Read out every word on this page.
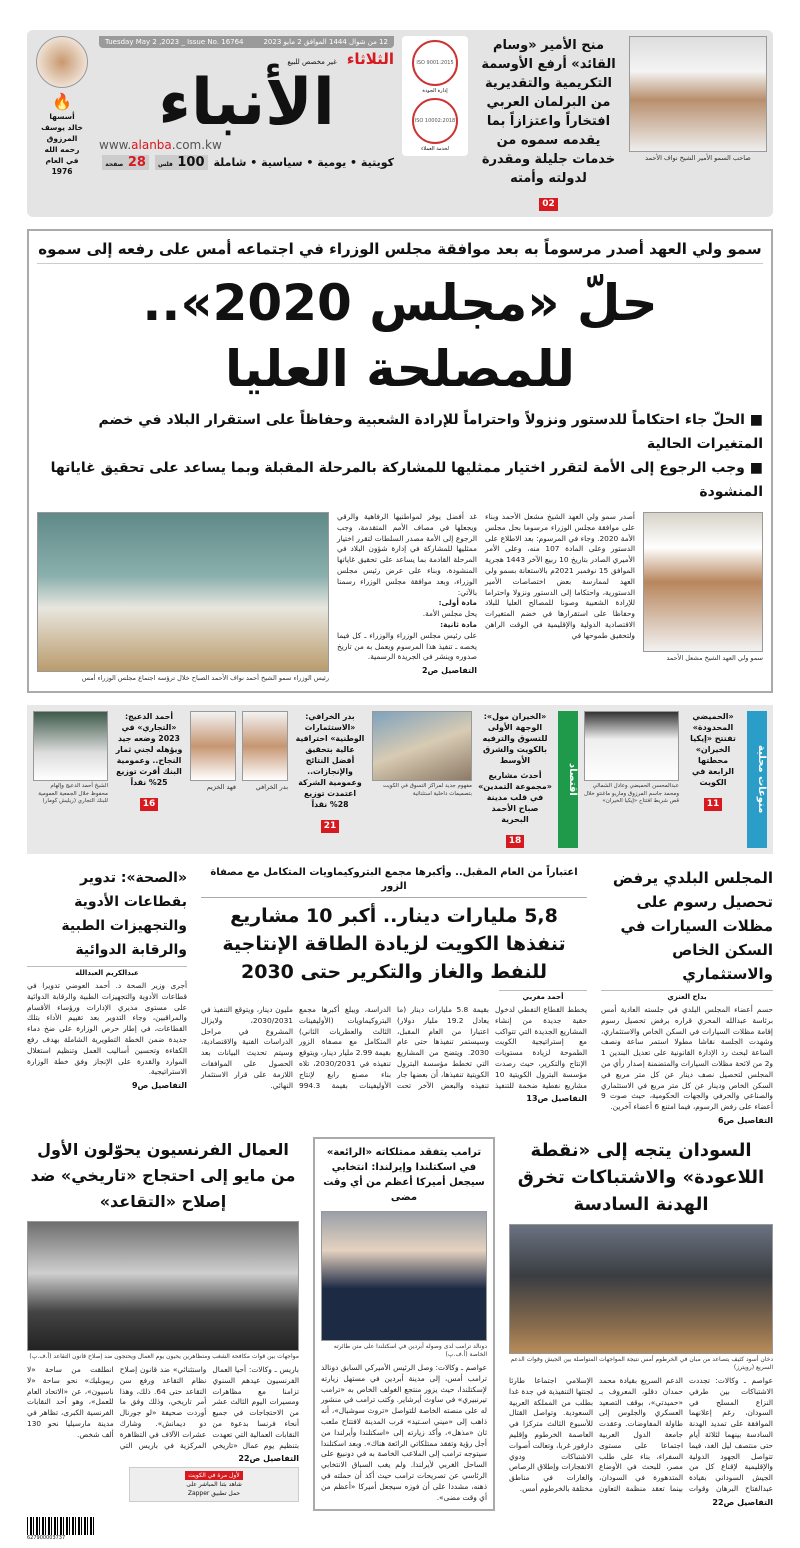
صاحب السمو الأمير الشيخ نواف الأحمد
منح الأمير «وسام القائد» أرفع الأوسمة التكريمية والتقديرية من البرلمان العربي افتخاراً واعتزازاً بما يقدمه سموه من خدمات جليلة ومقدرة لدولته وأمته
02
ISO 9001:2015
إدارة الجودة
ISO 10002:2018
لخدمة العملاء
12 من شوال 1444 الموافق 2 مايو 2023
Tuesday May 2 ,2023 _ Issue No. 16764
الثلاثاء
غير مخصص للبيع
الأنباء
www.alanba.com.kw
كويتية • يومية • سياسية • شاملة
100 فلس
28 صفحة
🔥
أسسها
خالد يوسف
المرزوق
رحمه الله
في العام
1976
سمو ولي العهد أصدر مرسوماً به بعد موافقة مجلس الوزراء في اجتماعه أمس على رفعه إلى سموه
حلّ «مجلس 2020».. للمصلحة العليا
■ الحلّ جاء احتكاماً للدستور ونزولاً واحتراماً للإرادة الشعبية وحفاظاً على استقرار البلاد في خضم المتغيرات الحالية
■ وجب الرجوع إلى الأمة لتقرر اختيار ممثليها للمشاركة بالمرحلة المقبلة وبما يساعد على تحقيق غاياتها المنشودة
سمو ولي العهد الشيخ مشعل الأحمد
أصدر سمو ولي العهد الشيخ مشعل الأحمد وبناء على موافقة مجلس الوزراء مرسوما بحل مجلس الأمة 2020. وجاء في المرسوم: بعد الاطلاع على الدستور وعلى المادة 107 منه، وعلى الأمر الأميري الصادر بتاريخ 10 ربيع الآخر 1443 هجرية الموافق 15 نوفمبر 2021م بالاستعانة بسمو ولي العهد لممارسة بعض اختصاصات الأمير الدستورية، واحتكاما إلى الدستور ونزولا واحتراما للإرادة الشعبية وصونا للمصالح العليا للبلاد وحفاظا على استقرارها في خضم المتغيرات الاقتصادية الدولية والإقليمية في الوقت الراهن ولتحقيق طموحها في
غد أفضل يوفر لمواطنيها الرفاهية والرقي ويجعلها في مصاف الأمم المتقدمة، وجب الرجوع إلى الأمة مصدر السلطات لتقرر اختيار ممثليها للمشاركة في إدارة شؤون البلاد في المرحلة القادمة بما يساعد على تحقيق غاياتها المنشودة، وبناء على عرض رئيس مجلس الوزراء، وبعد موافقة مجلس الوزراء رسمنا بالآتي:
مادة أولى:
يحل مجلس الأمة.
مادة ثانية:
على رئيس مجلس الوزراء والوزراء ـ كل فيما يخصه ـ تنفيذ هذا المرسوم ويعمل به من تاريخ صدوره وينشر في الجريدة الرسمية.
التفاصيل ص2
رئيس الوزراء سمو الشيخ أحمد نواف الأحمد الصباح خلال ترؤسه اجتماع مجلس الوزراء أمس
منوعات محلية
«الحميضي المحدودة» تفتتح «إيكيا الخيران» محطتها الرابعة في الكويت
11
عبدالمحسن الحميضي وعادل الشمالي ومحمد جاسم المرزوق وماريو ماغنتو خلال قص شريط افتتاح «إيكيا الخيران»
اقتصاد
«الخيران مول»: الوجهة الأولى للتسوق والترفيه بالكويت والشرق الأوسط
أحدث مشاريع «مجموعة التمدين» في قلب مدينة صباح الأحمد البحرية
18
مفهوم جديد لمراكز التسوق في الكويت بتصميمات داخلية استثنائية
بدر الخرافي: «الاستثمارات الوطنية» احترافية عالية بتحقيق أفضل النتائج والإنجازات.. وعمومية الشركة اعتمدت توزيع 28% نقداً
21
بدر الخرافي
فهد الخزيم
أحمد الدعيج: «التجاري» في 2023 وضعه جيد ويؤهله لجني ثمار النجاح.. وعمومية البنك أقرت توزيع 25% نقداً
16
الشيخ أحمد الدعيج وإلهام محفوظ خلال الجمعية العمومية للبنك التجاري (ريليش كومار)
المجلس البلدي يرفض تحصيل رسوم على مظلات السيارات في السكن الخاص والاستثماري
بداح العنزي
حسم أعضاء المجلس البلدي في جلسته العادية أمس برئاسة عبدالله المحري قراره برفض تحصيل رسوم إقامة مظلات السيارات في السكن الخاص والاستثماري، وشهدت الجلسة نقاشا مطولا استمر ساعة ونصف الساعة لبحث رد الإدارة القانونية على تعديل البندين 1 و2 من لائحة مظلات السيارات والمتضمنة إصدار رأي من المجلس لتحصيل نصف دينار عن كل متر مربع في السكن الخاص ودينار عن كل متر مربع في الاستثماري والصناعي والحرفي والجهات الحكومية، حيث صوت 9 أعضاء على رفض الرسوم، فيما امتنع 6 أعضاء آخرين.
التفاصيل ص6
اعتباراً من العام المقبل.. وأكبرها مجمع البتروكيماويات المتكامل مع مصفاة الزور
5,8 مليارات دينار.. أكبر 10 مشاريع تنفذها الكويت لزيادة الطاقة الإنتاجية للنفط والغاز والتكرير حتى 2030
أحمد مغربي
يخطط القطاع النفطي لدخول حقبة جديدة من إنشاء المشاريع الجديدة التي تتواكب مع إستراتيجية الكويت الطموحة لزيادة مستويات الإنتاج والتكرير، حيث رصدت مؤسسة البترول الكويتية 10 مشاريع نفطية ضخمة للتنفيذ بقيمة 5.8 مليارات دينار (ما يعادل 19.2 مليار دولار) اعتبارا من العام المقبل، وسيستمر تنفيذها حتى عام 2030. ويتضح من المشاريع التي تخطط مؤسسة البترول الكويتية تنفيذها، أن بعضها جار تنفيذه والبعض الآخر تحت الدراسة، ويبلغ أكبرها مجمع البتروكيماويات (الأوليفينات الثالث والعطريات الثاني) المتكامل مع مصفاة الزور بقيمة 2.99 مليار دينار، ويتوقع تنفيذه في 2030/2031، تلاه بناء مصنع رابع لإنتاج الأوليفينات بقيمة 994.3 مليون دينار، ويتوقع التنفيذ في 2030/2031، ولايزال المشروع في مراحل الدراسات الفنية والاقتصادية، وسيتم تحديث البيانات بعد الحصول على الموافقات اللازمة على قرار الاستثمار النهائي.
التفاصيل ص13
«الصحة»: تدوير بقطاعات الأدوية والتجهيزات الطبية والرقابة الدوائية
عبدالكريم العبدالله
أجرى وزير الصحة د. أحمد العوضي تدويرا في قطاعات الأدوية والتجهيزات الطبية والرقابة الدوائية على مستوى مديري الإدارات ورؤساء الأقسام والمراقبين، وجاء التدوير بعد تقييم الأداء بتلك القطاعات، في إطار حرص الوزارة على ضخ دماء جديدة ضمن الخطة التطويرية الشاملة بهدف رفع الكفاءة وتحسين أساليب العمل وتنظيم استغلال الموارد والقدرة على الإنجاز وفق خطة الوزارة الاستراتيجية.
التفاصيل ص9
السودان يتجه إلى «نقطة اللاعودة» والاشتباكات تخرق الهدنة السادسة
دخان أسود كثيف يتصاعد من مبان في الخرطوم أمس نتيجة المواجهات المتواصلة بين الجيش وقوات الدعم السريع (رويترز)
عواصم ـ وكالات: تجددت الاشتباكات بين طرفي النزاع المسلح في السودان، رغم إعلانهما الموافقة على تمديد الهدنة السادسة بينهما لثلاثة أيام حتى منتصف ليل الغد، فيما تتواصل الجهود الدولية والإقليمية لإقناع كل من الجيش السوداني بقيادة عبدالفتاح البرهان وقوات الدعم السريع بقيادة محمد حمدان دقلو، المعروف بـ «حميدتي»، بوقف التصعيد العسكري والجلوس إلى طاولة المفاوضات. وعقدت جامعة الدول العربية اجتماعا على مستوى السفراء، بناء على طلب مصر، للبحث في الأوضاع المتدهورة في السودان، بينما تعقد منظمة التعاون الإسلامي اجتماعا طارئا لجنتها التنفيذية في جدة غدا بطلب من المملكة العربية السعودية. وتواصل القتال للأسبوع الثالث متركزا في العاصمة الخرطوم وإقليم دارفور غربا، وتعالت أصوات الاشتباكات ودوي الانفجارات وإطلاق الرصاص والغارات في مناطق مختلفة بالخرطوم أمس.
التفاصيل ص22
ترامب يتفقد ممتلكاته «الرائعة» في اسكتلندا وإيرلندا: انتخابي سيجعل أميركا أعظم من أي وقت مضى
دونالد ترامب لدى وصوله أبردين في اسكتلندا على متن طائرته الخاصة (أ.ف.پ)
عواصم ـ وكالات: وصل الرئيس الأميركي السابق دونالد ترامب أمس، إلى مدينة أبردين في مستهل زيارته لإسكتلندا، حيث يزور منتجع الغولف الخاص به «ترامب تيرنبيري» في ساوث أيرشاير. وكتب ترامب في منشور له على منصته الخاصة للتواصل «تروث سوشيال»، أنه ذاهب إلى «ميني اسـتيد» قرب المدينة لافتتاح ملعب ثان «مذهل»، وأكد زيارته إلى «اسكتلندا وأيرلندا من أجل رؤية وتفقد ممتلكاتي الرائعة هناك». وبعد اسكتلندا سيتوجه ترامب إلى الملاعب الخاصة به في دونبيغ على الساحل الغربي لأيرلندا. ولم يغب السباق الانتخابي الرئاسي عن تصريحات ترامب حيث أكد أن حملته في ذهنه، مشددا على أن فوزه سيجعل أميركا «أعظم من أي وقت مضى».
العمال الفرنسيون يحوّلون الأول من مايو إلى احتجاج «تاريخي» ضد إصلاح «التقاعد»
مواجهات بين قوات مكافحة الشغب ومتظاهرين يحيون يوم العمال ويحتجون ضد إصلاح قانون التقاعد (أ.ف.پ)
باريس ـ وكالات: أحيا العمال الفرنسيون عيدهم السنوي تزامنا مع مظاهرات ومسيرات اليوم الثالث عشر من الاحتجاجات في جميع أنحاء فرنسا بدعوة من النقابات العمالية التي تعهدت بتنظيم يوم عمال «تاريخي واستثنائي» ضد قانون إصلاح نظام التقاعد ورفع سن التقاعد حتى 64. ذلك، وهذا أمر تاريخي، وذلك وفق ما أوردت صحيفة «لو جورنال دو ديمانش». وشارك عشرات الآلاف في التظاهرة المركزية في باريس التي انطلقت من ساحة «لا ريبوبليك» نحو ساحة «لا ناسيون»، عن «الاتحاد العام للعمل»، وهو أحد النقابات الفرنسية الكبرى، تظاهر في مدينة مارسيليا نحو 130 ألف شخص.
التفاصيل ص22
لأول مرة في الكويت
شاهد بثنا المباشر على
حمل تطبيق Zapper
627900003737
